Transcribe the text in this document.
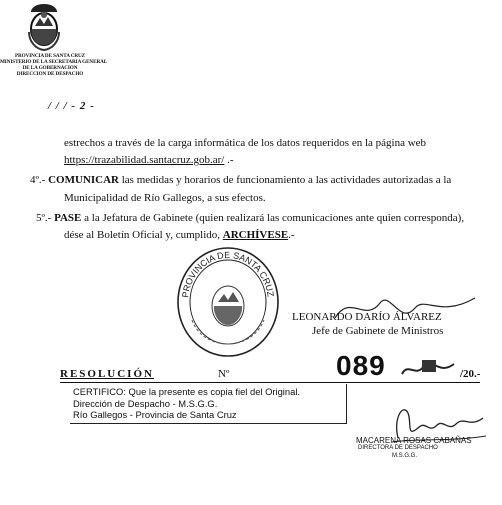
PROVINCIA DE SANTA CRUZ
MINISTERIO DE LA SECRETARIA GENERAL
DE LA GOBERNACION
DIRECCION DE DESPACHO
/ / / - 2 -
estrechos a través de la carga informática de los datos requeridos en la página web
https://trazabilidad.santacruz.gob.ar/ .-
4º.- COMUNICAR las medidas y horarios de funcionamiento a las actividades autorizadas a la
Municipalidad de Río Gallegos, a sus efectos.
5º.- PASE a la Jefatura de Gabinete (quien realizará las comunicaciones ante quien corresponda),
dése al Boletín Oficial y, cumplido, ARCHÍVESE.-
PROVINCIA DE SANTA CRUZ
LEONARDO DARÍO ÁLVAREZ
Jefe de Gabinete de Ministros
RESOLUCIÓN	Nº	089	/20.-
CERTIFICO: Que la presente es copia fiel del Original.
Dirección de Despacho - M.S.G.G.
Río Gallegos - Provincia de Santa Cruz
MACARENA ROSAS CABAÑAS
DIRECTORA DE DESPACHO
M.S.G.G.
